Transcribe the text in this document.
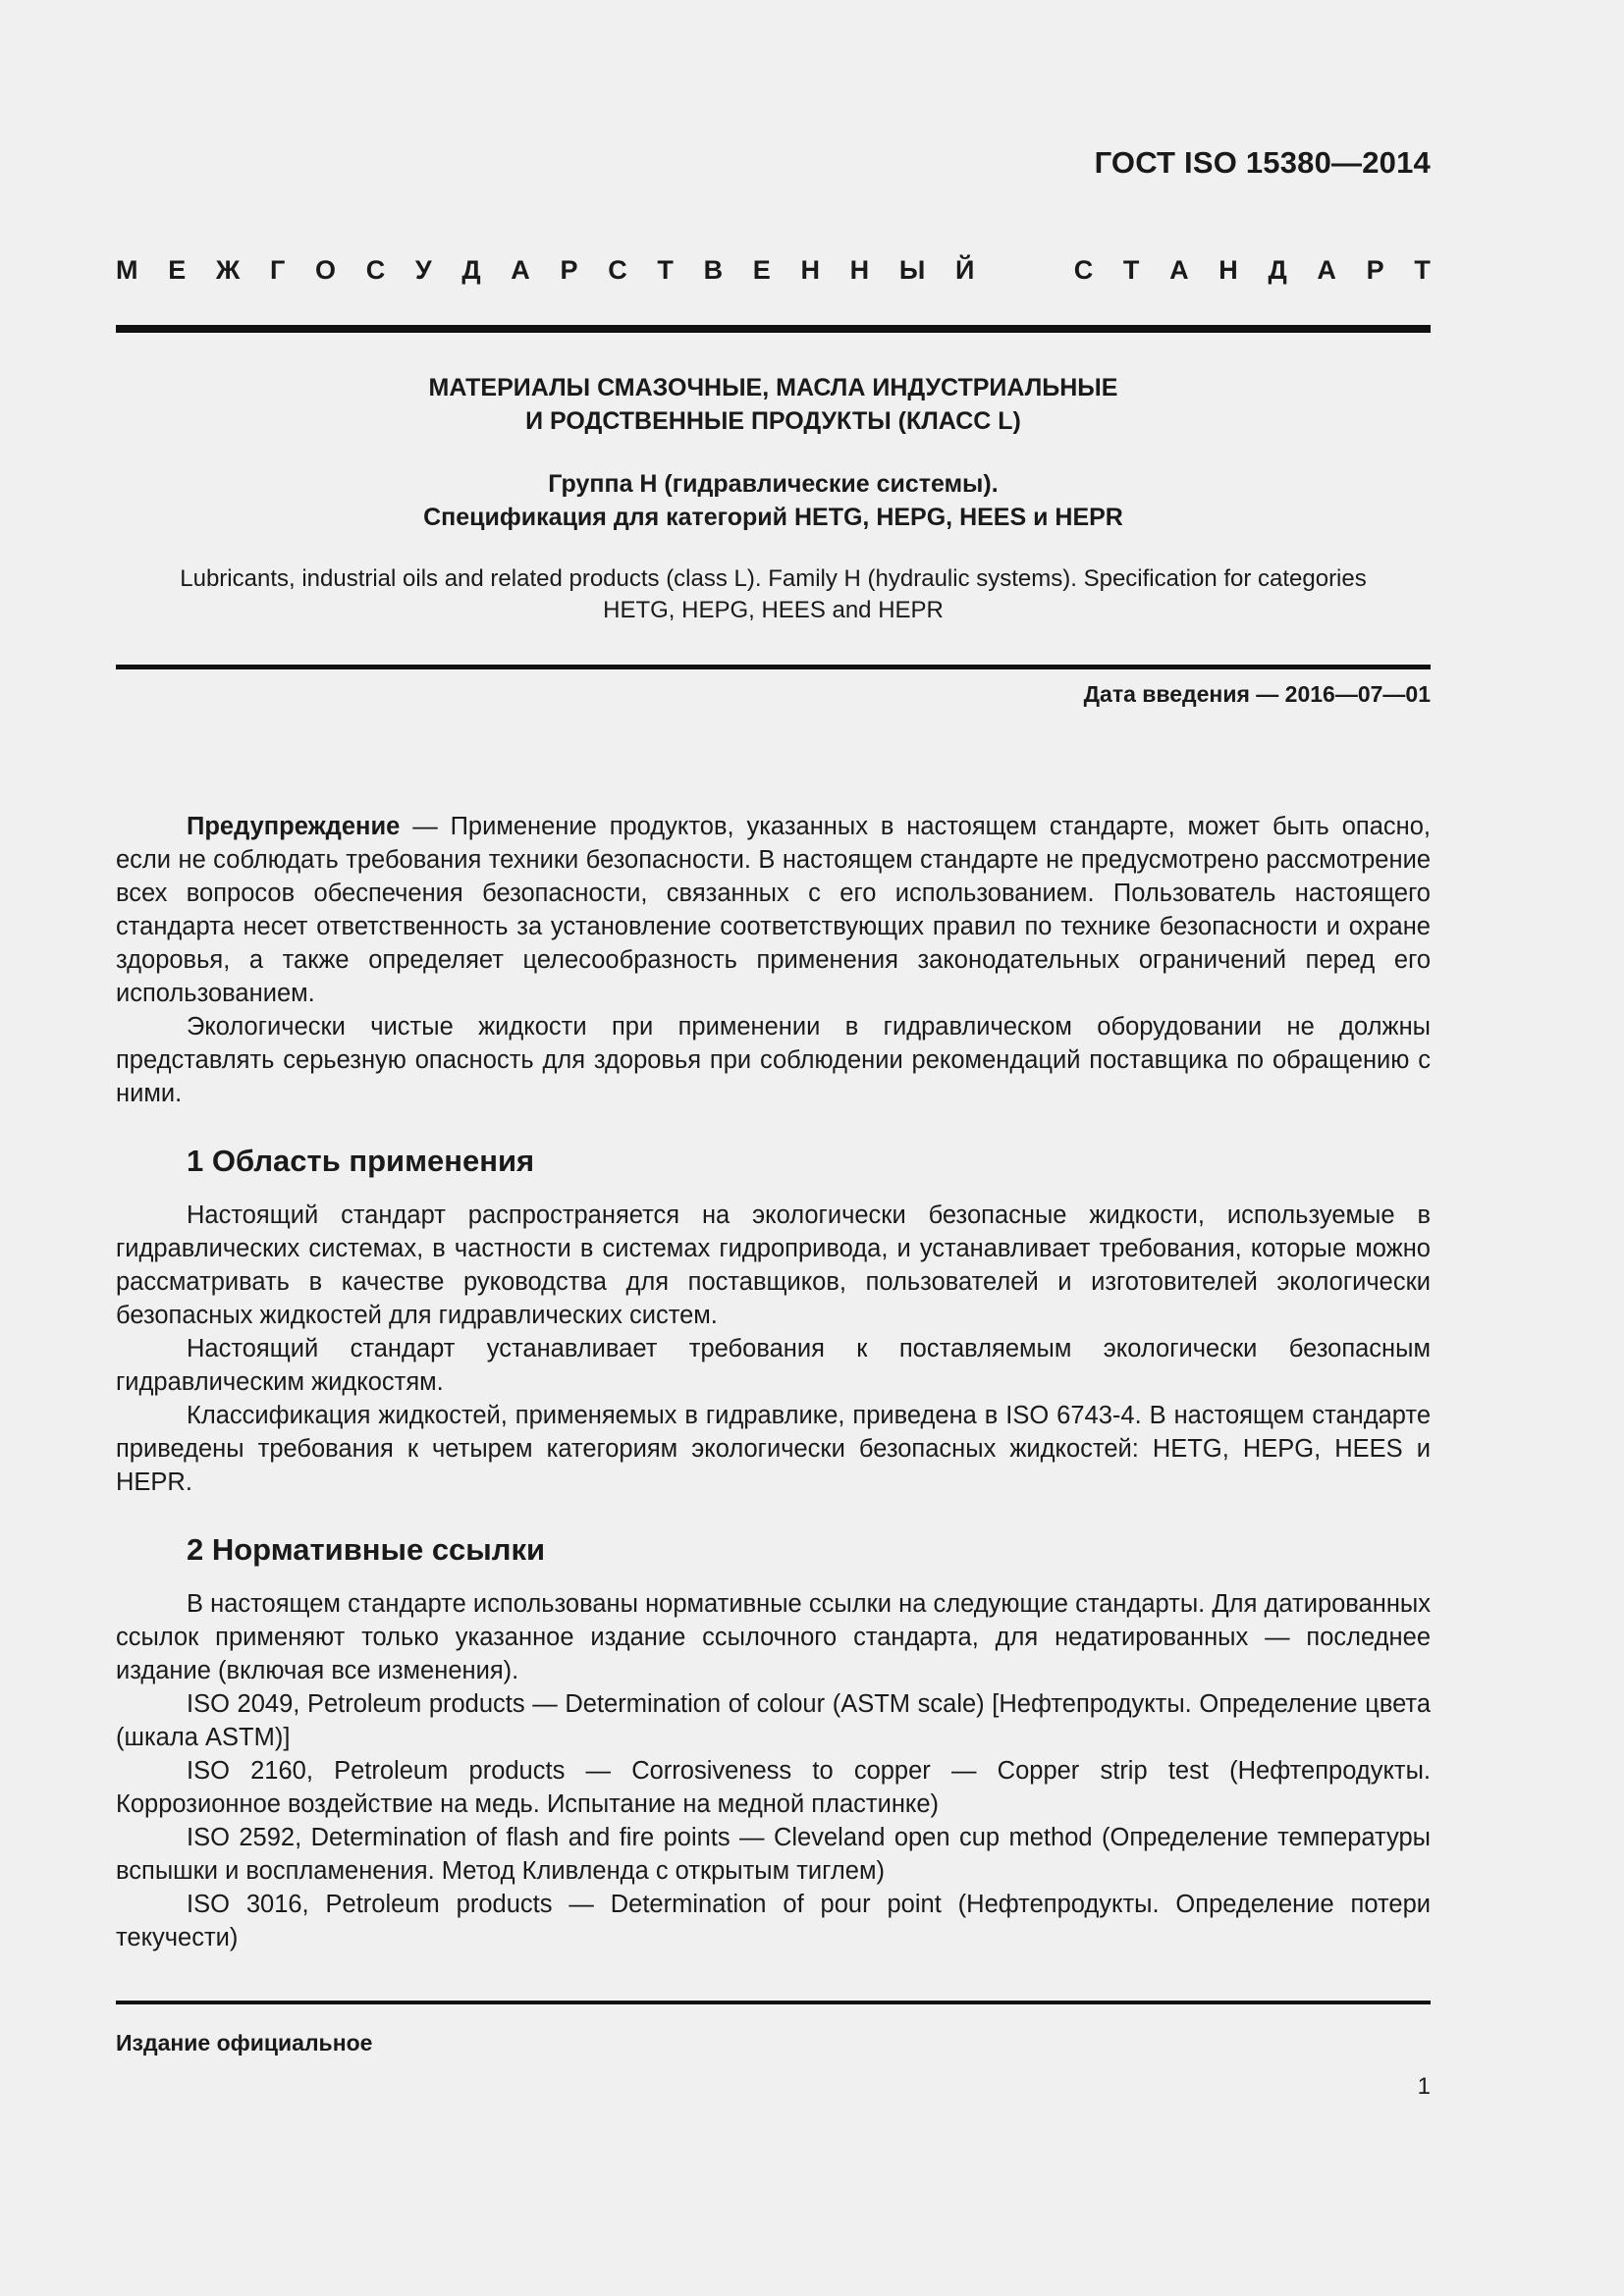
ГОСТ ISO 15380—2014
М Е Ж Г О С У Д А Р С Т В Е Н Н Ы Й	С Т А Н Д А Р Т

МАТЕРИАЛЫ СМАЗОЧНЫЕ, МАСЛА ИНДУСТРИАЛЬНЫЕ
И РОДСТВЕННЫЕ ПРОДУКТЫ (КЛАСС L)

Группа Н (гидравлические системы).
Спецификация для категорий HETG, HEPG, HEES и HEPR

Lubricants, industrial oils and related products (class L). Family H (hydraulic systems). Specification for categories
HETG, HEPG, HEES and HEPR

Дата введения — 2016—07—01

Предупреждение — Применение продуктов, указанных в настоящем стандарте, может быть опасно, если не соблюдать требования техники безопасности. В настоящем стандарте не предусмотрено рассмотрение всех вопросов обеспечения безопасности, связанных с его использованием. Пользователь настоящего стандарта несет ответственность за установление соответствующих правил по технике безопасности и охране здоровья, а также определяет целесообразность применения законодательных ограничений перед его использованием.

Экологически чистые жидкости при применении в гидравлическом оборудовании не должны представлять серьезную опасность для здоровья при соблюдении рекомендаций поставщика по обращению с ними.

1 Область применения

Настоящий стандарт распространяется на экологически безопасные жидкости, используемые в гидравлических системах, в частности в системах гидропривода, и устанавливает требования, которые можно рассматривать в качестве руководства для поставщиков, пользователей и изготовителей экологически безопасных жидкостей для гидравлических систем.

Настоящий стандарт устанавливает требования к поставляемым экологически безопасным гидравлическим жидкостям.

Классификация жидкостей, применяемых в гидравлике, приведена в ISO 6743-4. В настоящем стандарте приведены требования к четырем категориям экологически безопасных жидкостей: HETG, HEPG, HEES и HEPR.

2 Нормативные ссылки

В настоящем стандарте использованы нормативные ссылки на следующие стандарты. Для датированных ссылок применяют только указанное издание ссылочного стандарта, для недатированных — последнее издание (включая все изменения).

ISO 2049, Petroleum products — Determination of colour (ASTM scale) [Нефтепродукты. Определение цвета (шкала ASTM)]

ISO 2160, Petroleum products — Corrosiveness to copper — Copper strip test (Нефтепродукты. Коррозионное воздействие на медь. Испытание на медной пластинке)

ISO 2592, Determination of flash and fire points — Cleveland open cup method (Определение температуры вспышки и воспламенения. Метод Кливленда с открытым тиглем)

ISO 3016, Petroleum products — Determination of pour point (Нефтепродукты. Определение потери текучести)

Издание официальное
1
